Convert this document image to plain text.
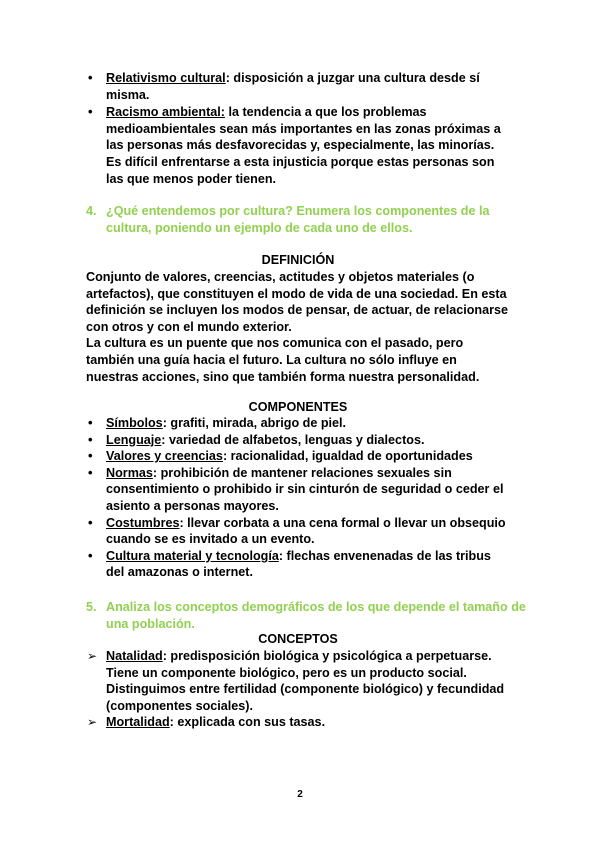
• Relativismo cultural: disposición a juzgar una cultura desde sí misma.
• Racismo ambiental: la tendencia a que los problemas medioambientales sean más importantes en las zonas próximas a las personas más desfavorecidas y, especialmente, las minorías. Es difícil enfrentarse a esta injusticia porque estas personas son las que menos poder tienen.
4. ¿Qué entendemos por cultura? Enumera los componentes de la cultura, poniendo un ejemplo de cada uno de ellos.
DEFINICIÓN

Conjunto de valores, creencias, actitudes y objetos materiales (o artefactos), que constituyen el modo de vida de una sociedad. En esta definición se incluyen los modos de pensar, de actuar, de relacionarse con otros y con el mundo exterior.

La cultura es un puente que nos comunica con el pasado, pero también una guía hacia el futuro. La cultura no sólo influye en nuestras acciones, sino que también forma nuestra personalidad.

COMPONENTES
• Símbolos: grafiti, mirada, abrigo de piel.
• Lenguaje: variedad de alfabetos, lenguas y dialectos.
• Valores y creencias: racionalidad, igualdad de oportunidades
• Normas: prohibición de mantener relaciones sexuales sin consentimiento o prohibido ir sin cinturón de seguridad o ceder el asiento a personas mayores.
• Costumbres: llevar corbata a una cena formal o llevar un obsequio cuando se es invitado a un evento.
• Cultura material y tecnología: flechas envenenadas de las tribus del amazonas o internet.
5. Analiza los conceptos demográficos de los que depende el tamaño de una población.
CONCEPTOS
➢ Natalidad: predisposición biológica y psicológica a perpetuarse. Tiene un componente biológico, pero es un producto social. Distinguimos entre fertilidad (componente biológico) y fecundidad (componentes sociales).
➢ Mortalidad: explicada con sus tasas.
2
